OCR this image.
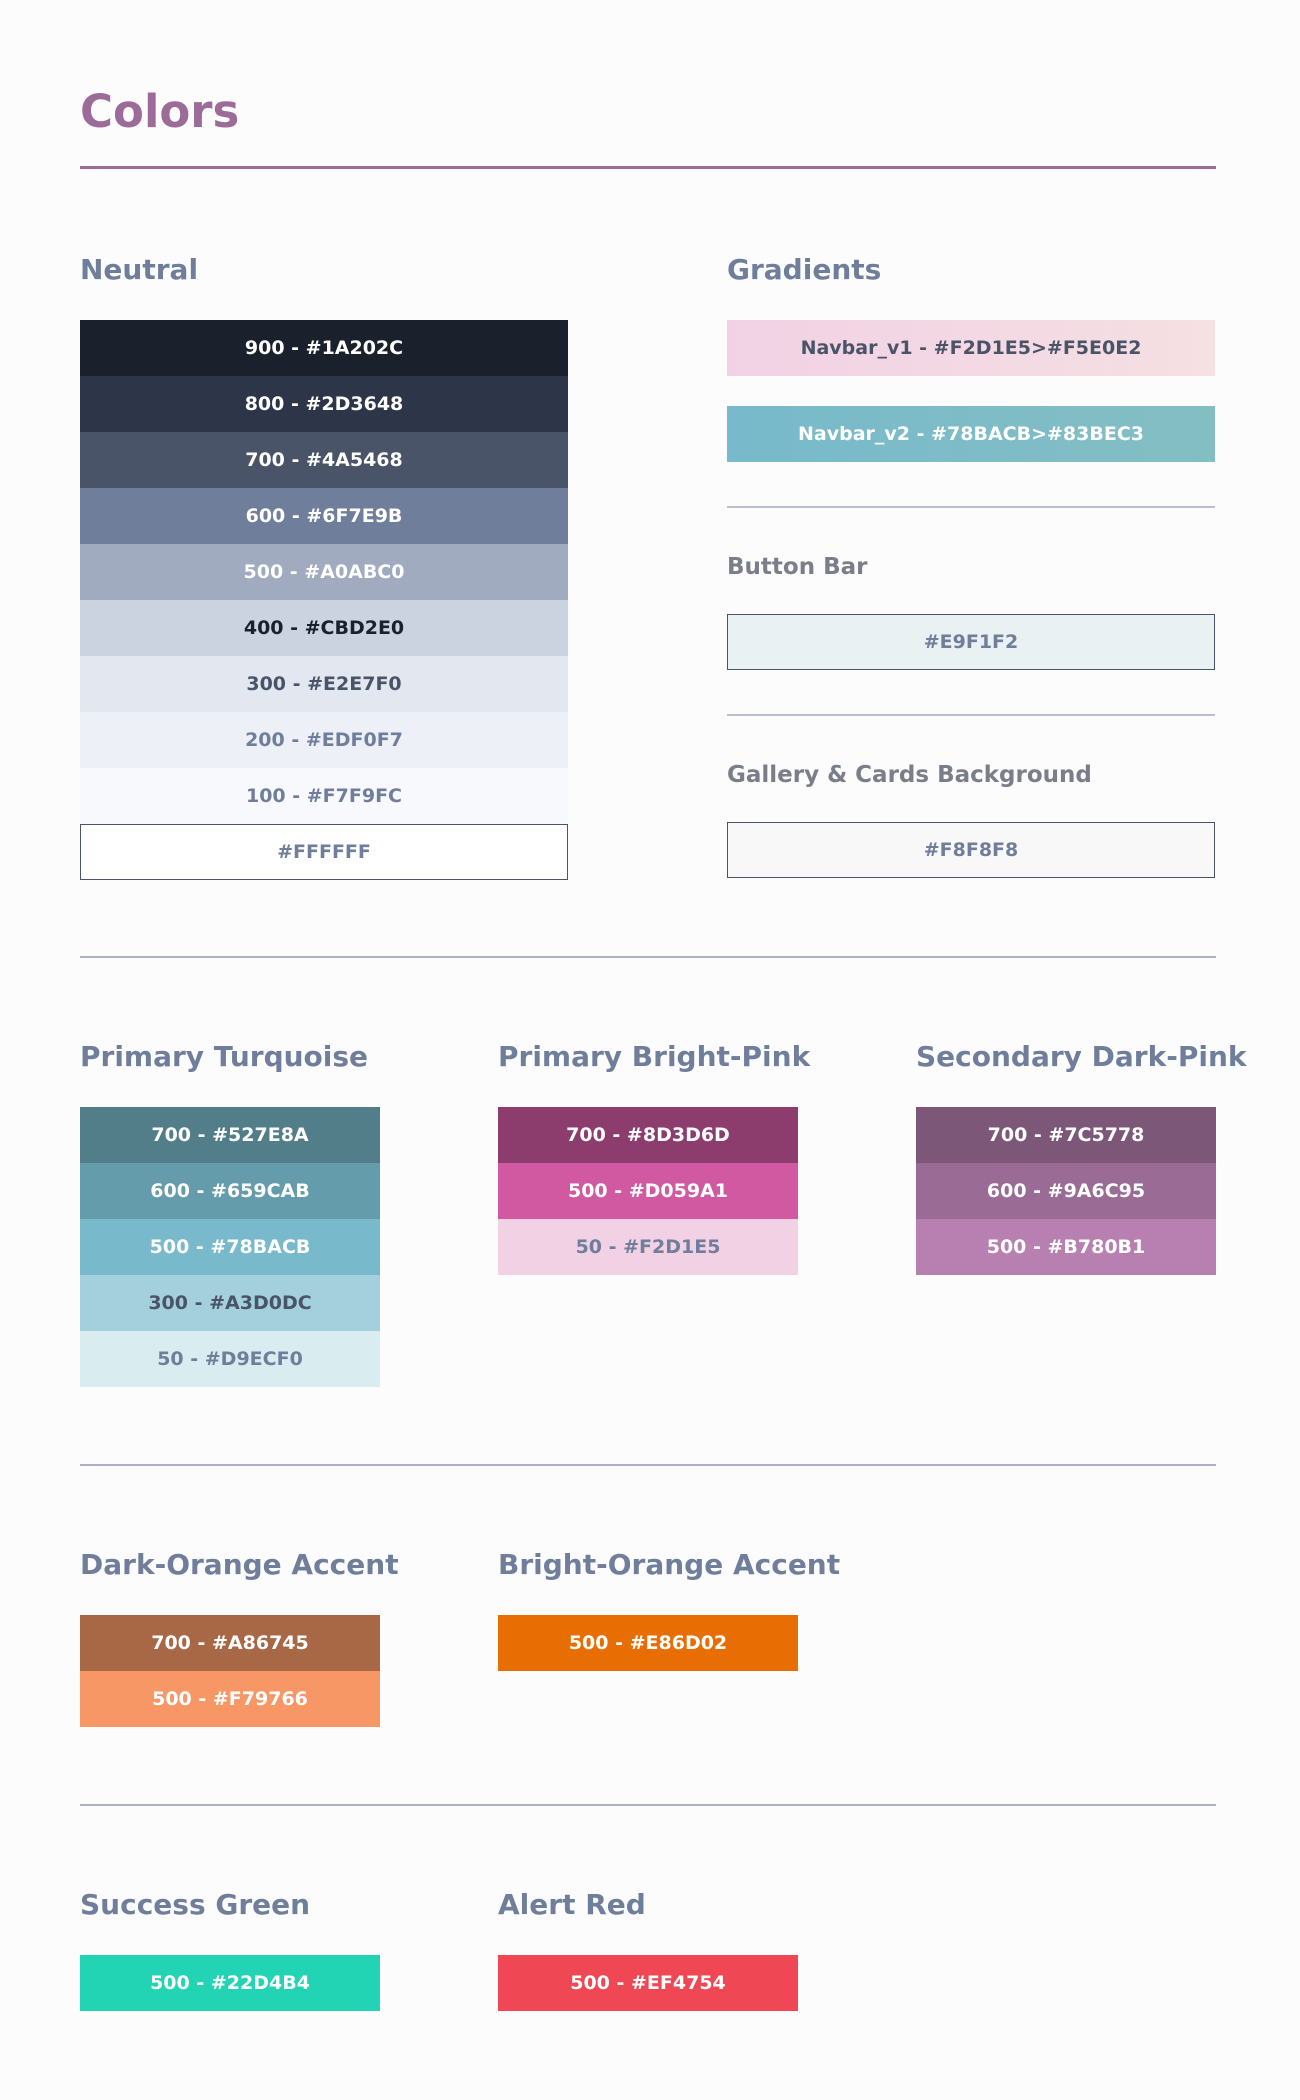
Colors
Neutral
900 - #1A202C
800 - #2D3648
700 - #4A5468
600 - #6F7E9B
500 - #A0ABC0
400 - #CBD2E0
300 - #E2E7F0
200 - #EDF0F7
100 - #F7F9FC
#FFFFFF
Gradients
Navbar_v1 - #F2D1E5>#F5E0E2
Navbar_v2 - #78BACB>#83BEC3
Button Bar
#E9F1F2
Gallery & Cards Background
#F8F8F8
Primary Turquoise
700 - #527E8A
600 - #659CAB
500 - #78BACB
300 - #A3D0DC
50 - #D9ECF0
Primary Bright-Pink
700 - #8D3D6D
500 - #D059A1
50 - #F2D1E5
Secondary Dark-Pink
700 - #7C5778
600 - #9A6C95
500 - #B780B1
Dark-Orange Accent
700 - #A86745
500 - #F79766
Bright-Orange Accent
500 - #E86D02
Success Green
500 - #22D4B4
Alert Red
500 - #EF4754
